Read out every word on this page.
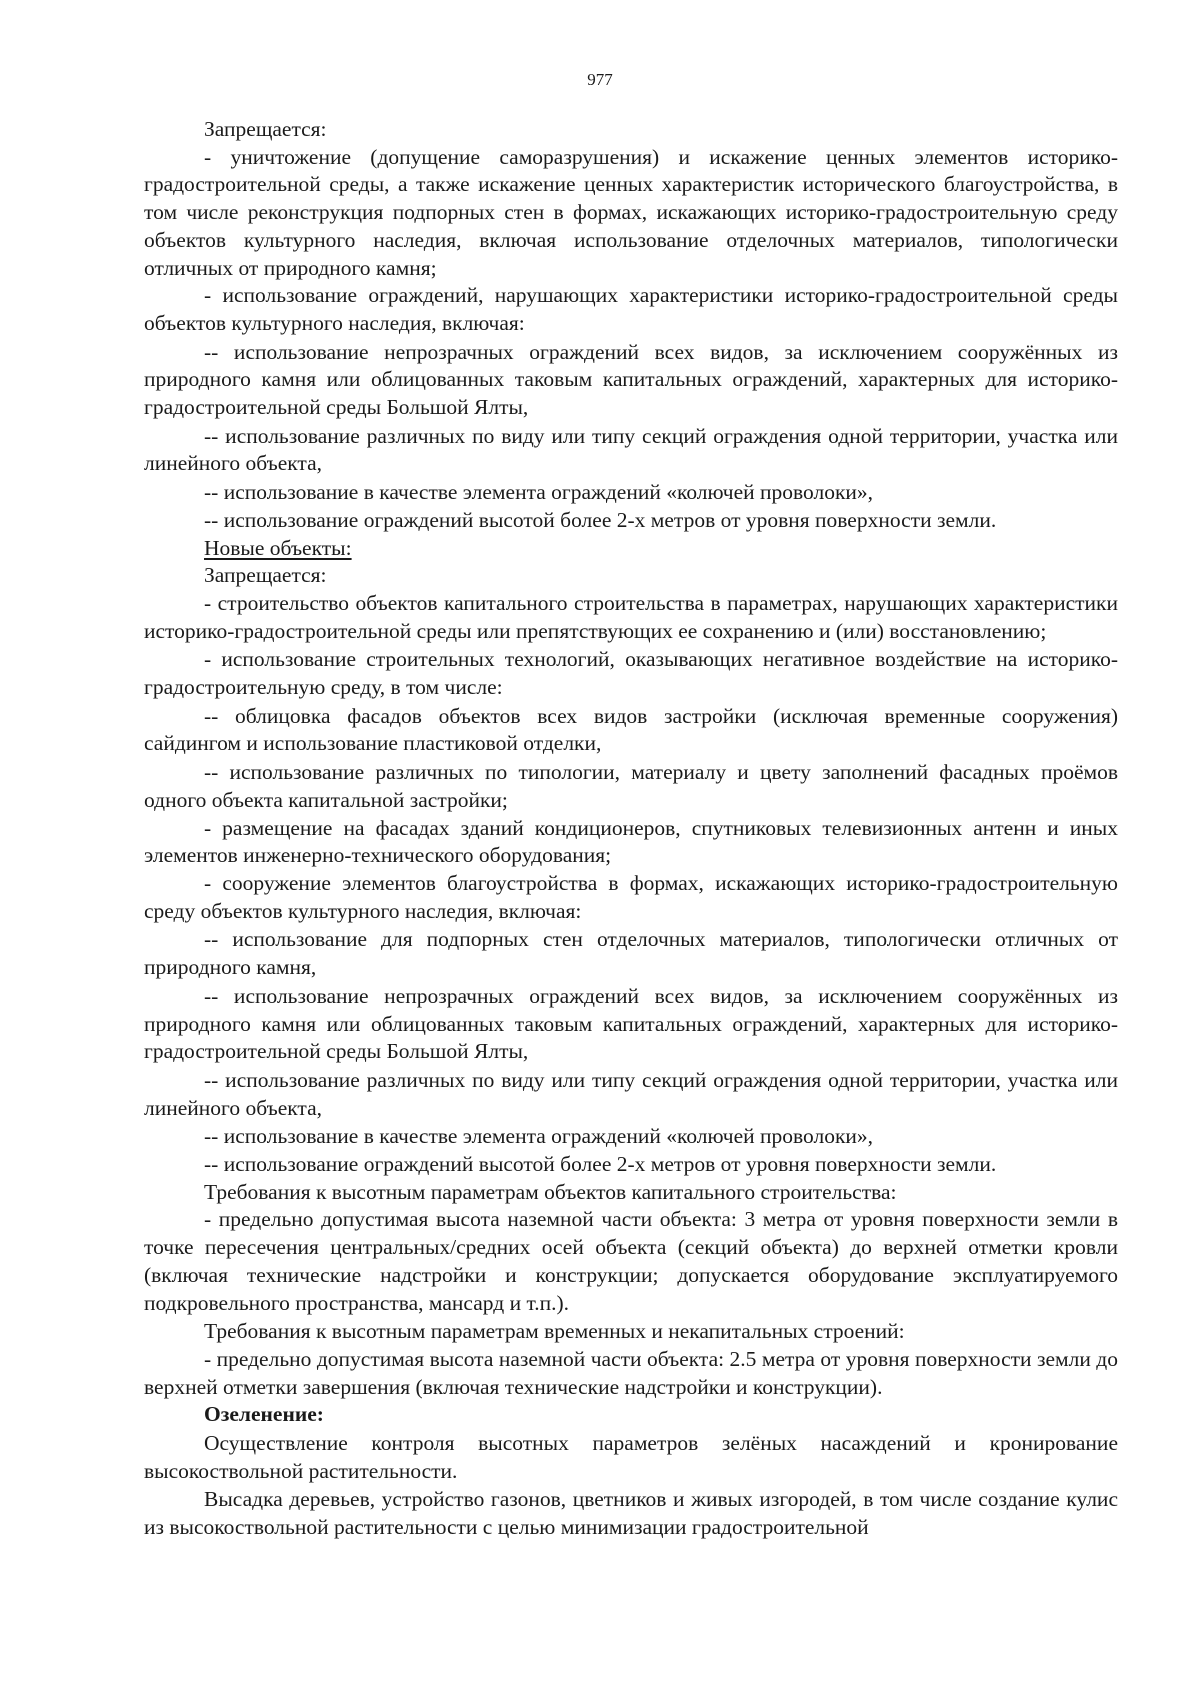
977

Запрещается:

- уничтожение (допущение саморазрушения) и искажение ценных элементов историко-градостроительной среды, а также искажение ценных характеристик исторического благоустройства, в том числе реконструкция подпорных стен в формах, искажающих историко-градостроительную среду объектов культурного наследия, включая использование отделочных материалов, типологически отличных от природного камня;

- использование ограждений, нарушающих характеристики историко-градостроительной среды объектов культурного наследия, включая:

-- использование непрозрачных ограждений всех видов, за исключением сооружённых из природного камня или облицованных таковым капитальных ограждений, характерных для историко-градостроительной среды Большой Ялты,

-- использование различных по виду или типу секций ограждения одной территории, участка или линейного объекта,

-- использование в качестве элемента ограждений «колючей проволоки»,

-- использование ограждений высотой более 2-х метров от уровня поверхности земли.

Новые объекты:

Запрещается:

- строительство объектов капитального строительства в параметрах, нарушающих характеристики историко-градостроительной среды или препятствующих ее сохранению и (или) восстановлению;

- использование строительных технологий, оказывающих негативное воздействие на историко-градостроительную среду, в том числе:

-- облицовка фасадов объектов всех видов застройки (исключая временные сооружения) сайдингом и использование пластиковой отделки,

-- использование различных по типологии, материалу и цвету заполнений фасадных проёмов одного объекта капитальной застройки;

- размещение на фасадах зданий кондиционеров, спутниковых телевизионных антенн и иных элементов инженерно-технического оборудования;

- сооружение элементов благоустройства в формах, искажающих историко-градостроительную среду объектов культурного наследия, включая:

-- использование для подпорных стен отделочных материалов, типологически отличных от природного камня,

-- использование непрозрачных ограждений всех видов, за исключением сооружённых из природного камня или облицованных таковым капитальных ограждений, характерных для историко-градостроительной среды Большой Ялты,

-- использование различных по виду или типу секций ограждения одной территории, участка или линейного объекта,

-- использование в качестве элемента ограждений «колючей проволоки»,

-- использование ограждений высотой более 2-х метров от уровня поверхности земли.

Требования к высотным параметрам объектов капитального строительства:

- предельно допустимая высота наземной части объекта: 3 метра от уровня поверхности земли в точке пересечения центральных/средних осей объекта (секций объекта) до верхней отметки кровли (включая технические надстройки и конструкции; допускается оборудование эксплуатируемого подкровельного пространства, мансард и т.п.).

Требования к высотным параметрам временных и некапитальных строений:

- предельно допустимая высота наземной части объекта: 2.5 метра от уровня поверхности земли до верхней отметки завершения (включая технические надстройки и конструкции).

Озеленение:

Осуществление контроля высотных параметров зелёных насаждений и кронирование высокоствольной растительности.

Высадка деревьев, устройство газонов, цветников и живых изгородей, в том числе создание кулис из высокоствольной растительности с целью минимизации градостроительной
